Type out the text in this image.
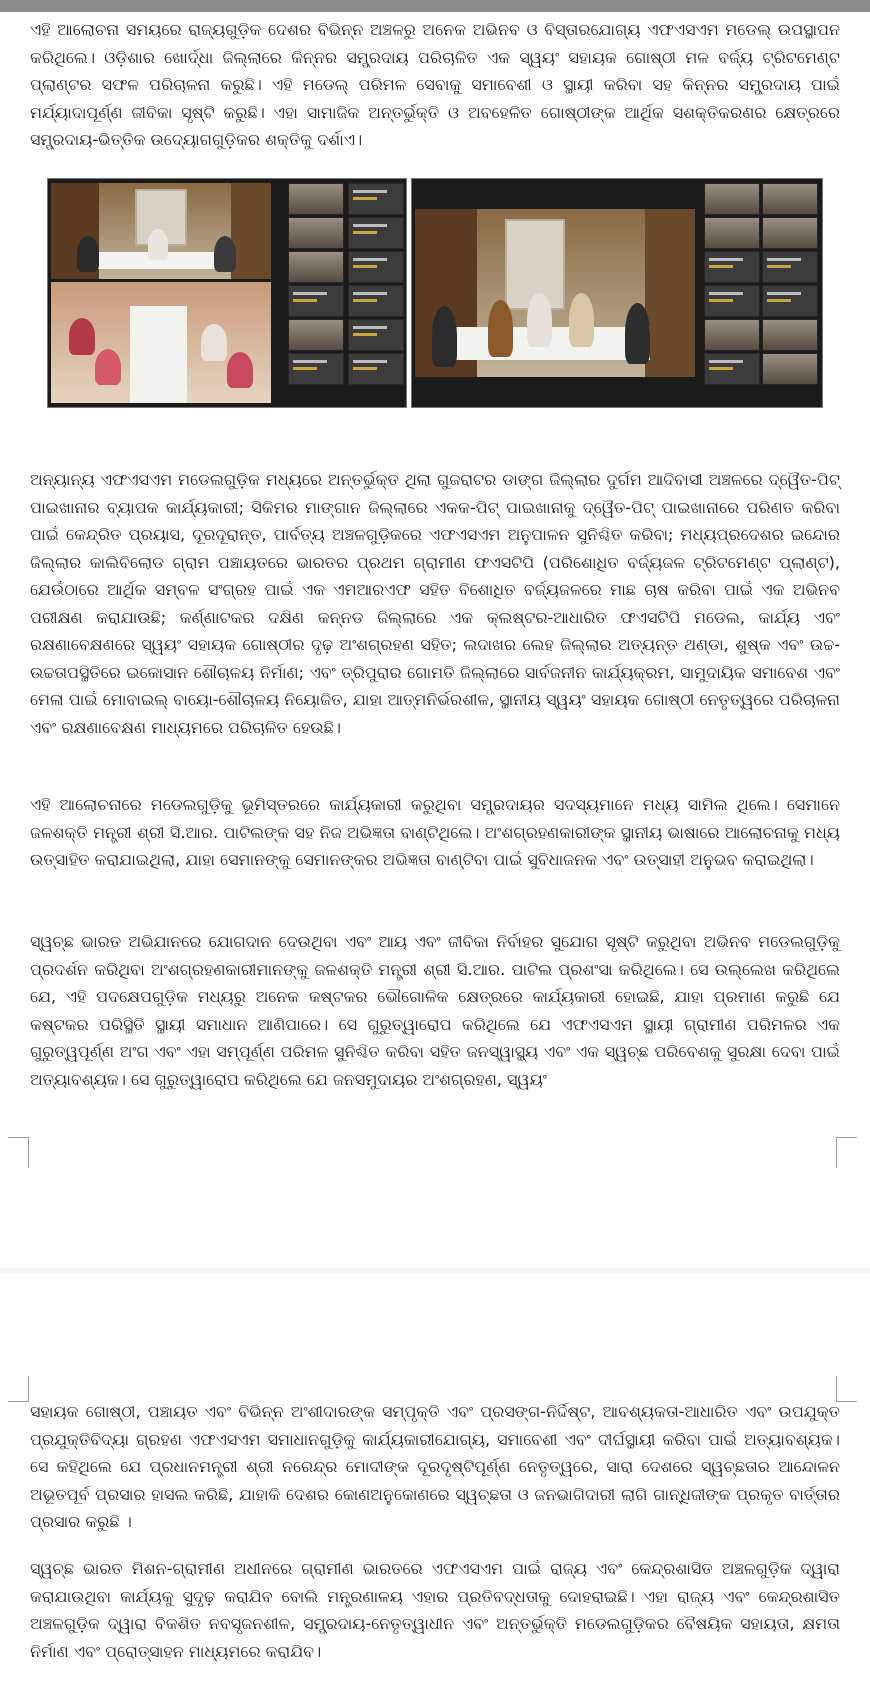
ଏହି ଆଲୋଚନା ସମୟରେ ରାଜ୍ୟଗୁଡ଼ିକ ଦେଶର ବିଭିନ୍ନ ଅଞ୍ଚଳରୁ ଅନେକ ଅଭିନବ ଓ ବିସ୍ତାରଯୋଗ୍ୟ ଏଫଏସଏମ ମଡେଲ୍ ଉପସ୍ଥାପନ କରିଥିଲେ। ଓଡ଼ିଶାର ଖୋର୍ଦ୍ଧା ଜିଲ୍ଲାରେ କିନ୍ନର ସମ୍ପ୍ରଦାୟ ପରିଚାଳିତ ଏକ ସ୍ୱୟଂ ସହାୟକ ଗୋଷ୍ଠୀ ମଳ ବର୍ଜ୍ୟ ଟ୍ରିଟମେଣ୍ଟ ପ୍ଲାଣ୍ଟର ସଫଳ ପରିଚାଳନା କରୁଛି। ଏହି ମଡେଲ୍ ପରିମଳ ସେବାକୁ ସମାବେଶୀ ଓ ସ୍ଥାୟୀ କରିବା ସହ କିନ୍ନର ସମ୍ପ୍ରଦାୟ ପାଇଁ ମର୍ଯ୍ୟାଦାପୂର୍ଣ୍ଣ ଜୀବିକା ସୃଷ୍ଟି କରୁଛି। ଏହା ସାମାଜିକ ଅନ୍ତର୍ଭୁକ୍ତି ଓ ଅବହେଳିତ ଗୋଷ୍ଠୀଙ୍କ ଆର୍ଥିକ ସଶକ୍ତିକରଣର କ୍ଷେତ୍ରରେ ସମ୍ପ୍ରଦାୟ-ଭିତ୍ତିକ ଉଦ୍ୟୋଗଗୁଡ଼ିକର ଶକ୍ତିକୁ ଦର୍ଶାଏ।

ଅନ୍ୟାନ୍ୟ ଏଫଏସଏମ ମଡେଲଗୁଡ଼ିକ ମଧ୍ୟରେ ଅନ୍ତର୍ଭୁକ୍ତ ଥିଲା ଗୁଜରାଟର ଡାଙ୍ଗ ଜିଲ୍ଲାର ଦୁର୍ଗମ ଆଦିବାସୀ ଅଞ୍ଚଳରେ ଦ୍ୱୈତ-ପିଟ୍ ପାଇଖାନାର ବ୍ୟାପକ କାର୍ଯ୍ୟକାରୀ; ସିକିମର ମାଙ୍ଗାନ ଜିଲ୍ଲାରେ ଏକକ-ପିଟ୍ ପାଇଖାନାକୁ ଦ୍ୱୈତ-ପିଟ୍ ପାଇଖାନାରେ ପରିଣତ କରିବା ପାଇଁ କେନ୍ଦ୍ରିତ ପ୍ରୟାସ, ଦୂରଦୂରାନ୍ତ, ପାର୍ବତ୍ୟ ଅଞ୍ଚଳଗୁଡ଼ିକରେ ଏଫଏସଏମ ଅନୁପାଳନ ସୁନିଶ୍ଚିତ କରିବା; ମଧ୍ୟପ୍ରଦେଶର ଇନ୍ଦୋର ଜିଲ୍ଲାର କାଲିବିଲୋଡ ଗ୍ରାମ ପଞ୍ଚାୟତରେ ଭାରତର ପ୍ରଥମ ଗ୍ରାମୀଣ ଫଏସଟିପି (ପରିଶୋଧିତ ବର୍ଜ୍ୟଜଳ ଟ୍ରିଟମେଣ୍ଟ ପ୍ଲାଣ୍ଟ), ଯେଉଁଠାରେ ଆର୍ଥିକ ସମ୍ବଳ ସଂଗ୍ରହ ପାଇଁ ଏକ ଏମଆରଏଫ ସହିତ ବିଶୋଧିତ ବର୍ଜ୍ୟଜଳରେ ମାଛ ଚାଷ କରିବା ପାଇଁ ଏକ ଅଭିନବ ପରୀକ୍ଷଣ କରାଯାଉଛି; କର୍ଣ୍ଣାଟକର ଦକ୍ଷିଣ କନ୍ନଡ ଜିଲ୍ଲାରେ ଏକ କ୍ଲଷ୍ଟର-ଆଧାରିତ ଫଏସଟିପି ମଡେଲ, କାର୍ଯ୍ୟ ଏବଂ ରକ୍ଷଣାବେକ୍ଷଣରେ ସ୍ୱୟଂ ସହାୟକ ଗୋଷ୍ଠୀର ଦୃଢ଼ ଅଂଶଗ୍ରହଣ ସହିତ; ଲଦାଖର ଲେହ ଜିଲ୍ଲାର ଅତ୍ୟନ୍ତ ଥଣ୍ଡା, ଶୁଷ୍କ ଏବଂ ଉଚ୍ଚ-ଉଚ୍ଚତାପସ୍ଥିତିରେ ଇକୋସାନ ଶୌଚାଳୟ ନିର୍ମାଣ; ଏବଂ ତ୍ରିପୁରାର ଗୋମତି ଜିଲ୍ଲାରେ ସାର୍ବଜନୀନ କାର୍ଯ୍ୟକ୍ରମ, ସାମୁଦାୟିକ ସମାବେଶ ଏବଂ ମେଳା ପାଇଁ ମୋବାଇଲ୍ ବାୟୋ-ଶୌଚାଳୟ ନିୟୋଜିତ, ଯାହା ଆତ୍ମନିର୍ଭରଶୀଳ, ସ୍ଥାନୀୟ ସ୍ୱୟଂ ସହାୟକ ଗୋଷ୍ଠୀ ନେତୃତ୍ୱରେ ପରିଚାଳନା ଏବଂ ରକ୍ଷଣାବେକ୍ଷଣ ମାଧ୍ୟମରେ ପରିଚାଳିତ ହେଉଛି।

ଏହି ଆଲୋଚନାରେ ମଡେଲଗୁଡ଼ିକୁ ଭୂମିସ୍ତରରେ କାର୍ଯ୍ୟକାରୀ କରୁଥିବା ସମ୍ପ୍ରଦାୟର ସଦସ୍ୟମାନେ ମଧ୍ୟ ସାମିଲ ଥିଲେ। ସେମାନେ ଜଳଶକ୍ତି ମନ୍ତ୍ରୀ ଶ୍ରୀ ସି.ଆର. ପାଟିଲଙ୍କ ସହ ନିଜ ଅଭିଜ୍ଞତା ବାଣ୍ଟିଥିଲେ। ଅଂଶଗ୍ରହଣକାରୀଙ୍କ ସ୍ଥାନୀୟ ଭାଷାରେ ଆଲୋଚନାକୁ ମଧ୍ୟ ଉତ୍ସାହିତ କରାଯାଇଥିଲା, ଯାହା ସେମାନଙ୍କୁ ସେମାନଙ୍କର ଅଭିଜ୍ଞତା ବାଣ୍ଟିବା ପାଇଁ ସୁବିଧାଜନକ ଏବଂ ଉତ୍ସାହୀ ଅନୁଭବ କରାଇଥିଲା।

ସ୍ୱଚ୍ଛ ଭାରତ ଅଭିଯାନରେ ଯୋଗଦାନ ଦେଉଥିବା ଏବଂ ଆୟ ଏବଂ ଜୀବିକା ନିର୍ବାହର ସୁଯୋଗ ସୃଷ୍ଟି କରୁଥିବା ଅଭିନବ ମଡେଲଗୁଡ଼ିକୁ ପ୍ରଦର୍ଶନ କରିଥିବା ଅଂଶଗ୍ରହଣକାରୀମାନଙ୍କୁ ଜଳଶକ୍ତି ମନ୍ତ୍ରୀ ଶ୍ରୀ ସି.ଆର. ପାଟିଲ ପ୍ରଶଂସା କରିଥିଲେ। ସେ ଉଲ୍ଲେଖ କରିଥିଲେ ଯେ, ଏହି ପଦକ୍ଷେପଗୁଡ଼ିକ ମଧ୍ୟରୁ ଅନେକ କଷ୍ଟକର ଭୌଗୋଳିକ କ୍ଷେତ୍ରରେ କାର୍ଯ୍ୟକାରୀ ହୋଇଛି, ଯାହା ପ୍ରମାଣ କରୁଛି ଯେ କଷ୍ଟକର ପରିସ୍ଥିତି ସ୍ଥାୟୀ ସମାଧାନ ଆଣିପାରେ। ସେ ଗୁରୁତ୍ୱାରୋପ କରିଥିଲେ ଯେ ଏଫଏସଏମ ସ୍ଥାୟୀ ଗ୍ରାମୀଣ ପରିମଳର ଏକ ଗୁରୁତ୍ୱପୂର୍ଣ୍ଣ ଅଂଗ ଏବଂ ଏହା ସମ୍ପୂର୍ଣ୍ଣ ପରିମଳ ସୁନିଶ୍ଚିତ କରିବା ସହିତ ଜନସ୍ୱାସ୍ଥ୍ୟ ଏବଂ ଏକ ସ୍ୱଚ୍ଛ ପରିବେଶକୁ ସୁରକ୍ଷା ଦେବା ପାଇଁ ଅତ୍ୟାବଶ୍ୟକ। ସେ ଗୁରୁତ୍ୱାରୋପ କରିଥିଲେ ଯେ ଜନସମୁଦାୟର ଅଂଶଗ୍ରହଣ, ସ୍ୱୟଂ

ସହାୟକ ଗୋଷ୍ଠୀ, ପଞ୍ଚାୟତ ଏବଂ ବିଭିନ୍ନ ଅଂଶୀଦାରଙ୍କ ସମ୍ପୃକ୍ତି ଏବଂ ପ୍ରସଙ୍ଗ-ନିର୍ଦ୍ଦିଷ୍ଟ, ଆବଶ୍ୟକତା-ଆଧାରିତ ଏବଂ ଉପଯୁକ୍ତ ପ୍ରଯୁକ୍ତିବିଦ୍ୟା ଗ୍ରହଣ ଏଫଏସଏମ ସମାଧାନଗୁଡ଼ିକୁ କାର୍ଯ୍ୟକାରୀଯୋଗ୍ୟ, ସମାବେଶୀ ଏବଂ ଦୀର୍ଘସ୍ଥାୟୀ କରିବା ପାଇଁ ଅତ୍ୟାବଶ୍ୟକ। ସେ କହିଥିଲେ ଯେ ପ୍ରଧାନମନ୍ତ୍ରୀ ଶ୍ରୀ ନରେନ୍ଦ୍ର ମୋଦୀଙ୍କ ଦୂରଦୃଷ୍ଟିପୂର୍ଣ୍ଣ ନେତୃତ୍ୱରେ, ସାରା ଦେଶରେ ସ୍ୱଚ୍ଛତାର ଆନ୍ଦୋଳନ ଅଭୂତପୂର୍ବ ପ୍ରସାର ହାସଲ କରିଛି, ଯାହାକି ଦେଶର କୋଣଅନୁକୋଣରେ ସ୍ୱଚ୍ଛତା ଓ ଜନଭାଗିଦାରୀ ଲାଗି ଗାନ୍ଧିଜୀଙ୍କ ପ୍ରକୃତ ବାର୍ତ୍ତାର ପ୍ରସାର କରୁଛି ।

ସ୍ୱଚ୍ଛ ଭାରତ ମିଶନ-ଗ୍ରାମୀଣ ଅଧୀନରେ ଗ୍ରାମୀଣ ଭାରତରେ ଏଫଏସଏମ ପାଇଁ ରାଜ୍ୟ ଏବଂ କେନ୍ଦ୍ରଶାସିତ ଅଞ୍ଚଳଗୁଡ଼ିକ ଦ୍ୱାରା କରାଯାଉଥିବା କାର୍ଯ୍ୟକୁ ସୁଦୃଢ଼ କରାଯିବ ବୋଲି ମନ୍ତ୍ରଣାଳୟ ଏହାର ପ୍ରତିବଦ୍ଧତାକୁ ଦୋହରାଇଛି। ଏହା ରାଜ୍ୟ ଏବଂ କେନ୍ଦ୍ରଶାସିତ ଅଞ୍ଚଳଗୁଡ଼ିକ ଦ୍ୱାରା ବିକଶିତ ନବସୃଜନଶୀଳ, ସମ୍ପ୍ରଦାୟ-ନେତୃତ୍ୱାଧୀନ ଏବଂ ଅନ୍ତର୍ଭୁକ୍ତି ମଡେଲଗୁଡ଼ିକର ବୈଷୟିକ ସହାୟତା, କ୍ଷମତା ନିର୍ମାଣ ଏବଂ ପ୍ରୋତ୍ସାହନ ମାଧ୍ୟମରେ କରାଯିବ।
